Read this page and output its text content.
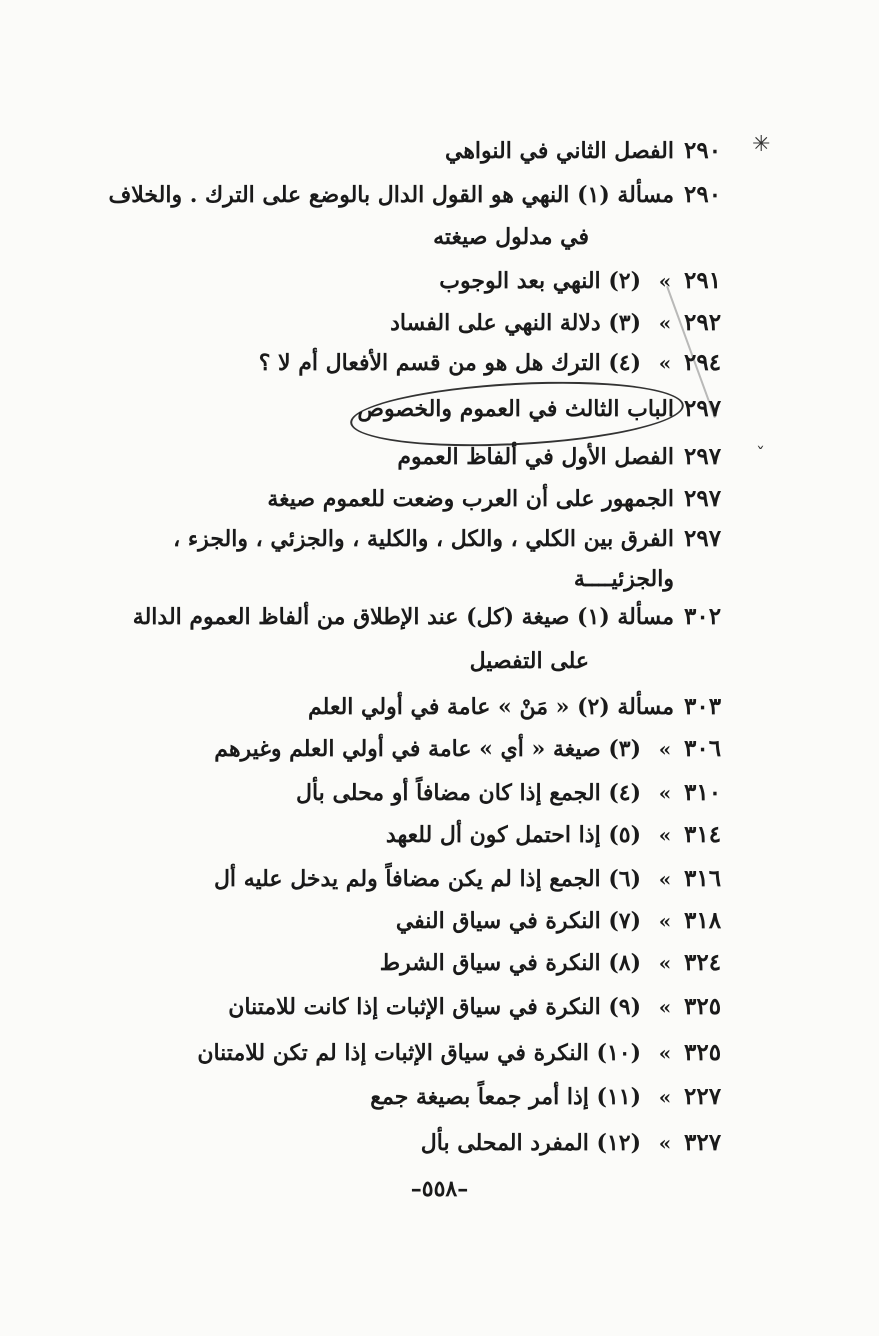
✳
ˇ
٢٩٠
الفصل الثاني في النواهي
٢٩٠
مسألة (١) النهي هو القول الدال بالوضع على الترك . والخلاف
في مدلول صيغته
٢٩١
«
(٢) النهي بعد الوجوب
٢٩٢
«
(٣) دلالة النهي على الفساد
٢٩٤
«
(٤) الترك هل هو من قسم الأفعال أم لا ؟
٢٩٧
الباب الثالث في العموم والخصوص
٢٩٧
الفصل الأول في ألفاظ العموم
٢٩٧
الجمهور على أن العرب وضعت للعموم صيغة
٢٩٧
الفرق بين الكلي ، والكل ، والكلية ، والجزئي ، والجزء ،
والجزئيــــة
٣٠٢
مسألة (١) صيغة (كل) عند الإطلاق من ألفاظ العموم الدالة
على التفصيل
٣٠٣
مسألة (٢) « مَنْ » عامة في أولي العلم
٣٠٦
«
(٣) صيغة « أي » عامة في أولي العلم وغيرهم
٣١٠
«
(٤) الجمع إذا كان مضافاً أو محلى بأل
٣١٤
«
(٥) إذا احتمل كون أل للعهد
٣١٦
«
(٦) الجمع إذا لم يكن مضافاً ولم يدخل عليه أل
٣١٨
«
(٧) النكرة في سياق النفي
٣٢٤
«
(٨) النكرة في سياق الشرط
٣٢٥
«
(٩) النكرة في سياق الإثبات إذا كانت للامتنان
٣٢٥
«
(١٠) النكرة في سياق الإثبات إذا لم تكن للامتنان
٢٢٧
«
(١١) إذا أمر جمعاً بصيغة جمع
٣٢٧
«
(١٢) المفرد المحلى بأل
–٥٥٨–
